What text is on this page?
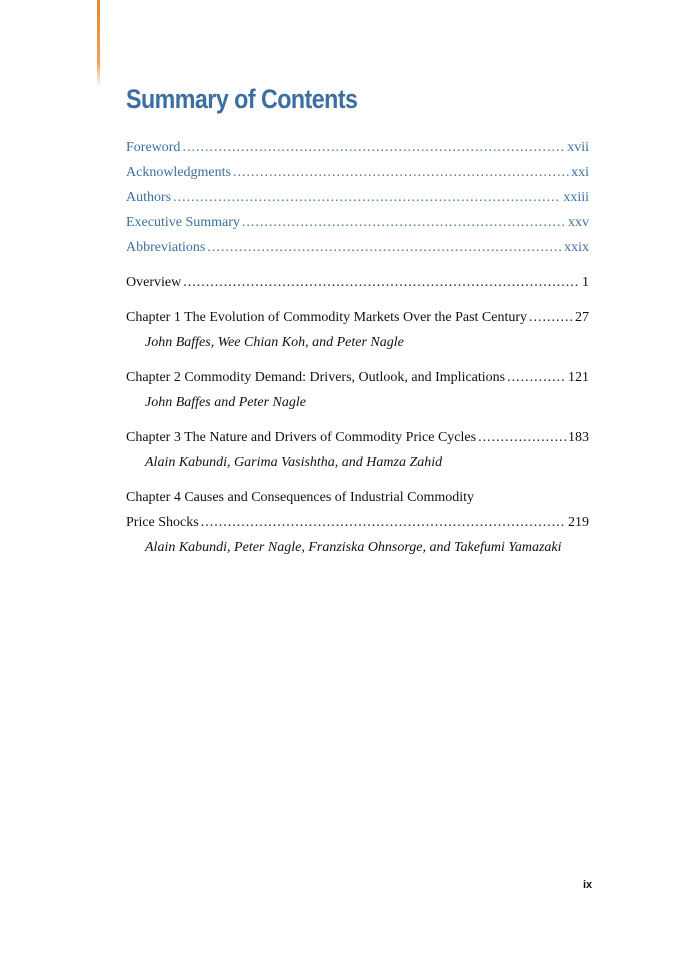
Summary of Contents
Foreword .....	xvii
Acknowledgments .....	xxi
Authors .....	xxiii
Executive Summary .....	xxv
Abbreviations .....	xxix
Overview .....	1
Chapter 1 The Evolution of Commodity Markets Over the Past Century .....	27
John Baffes, Wee Chian Koh, and Peter Nagle
Chapter 2 Commodity Demand: Drivers, Outlook, and Implications .....	121
John Baffes and Peter Nagle
Chapter 3 The Nature and Drivers of Commodity Price Cycles .....	183
Alain Kabundi, Garima Vasishtha, and Hamza Zahid
Chapter 4 Causes and Consequences of Industrial Commodity
Price Shocks .....	219
Alain Kabundi, Peter Nagle, Franziska Ohnsorge, and Takefumi Yamazaki
ix
